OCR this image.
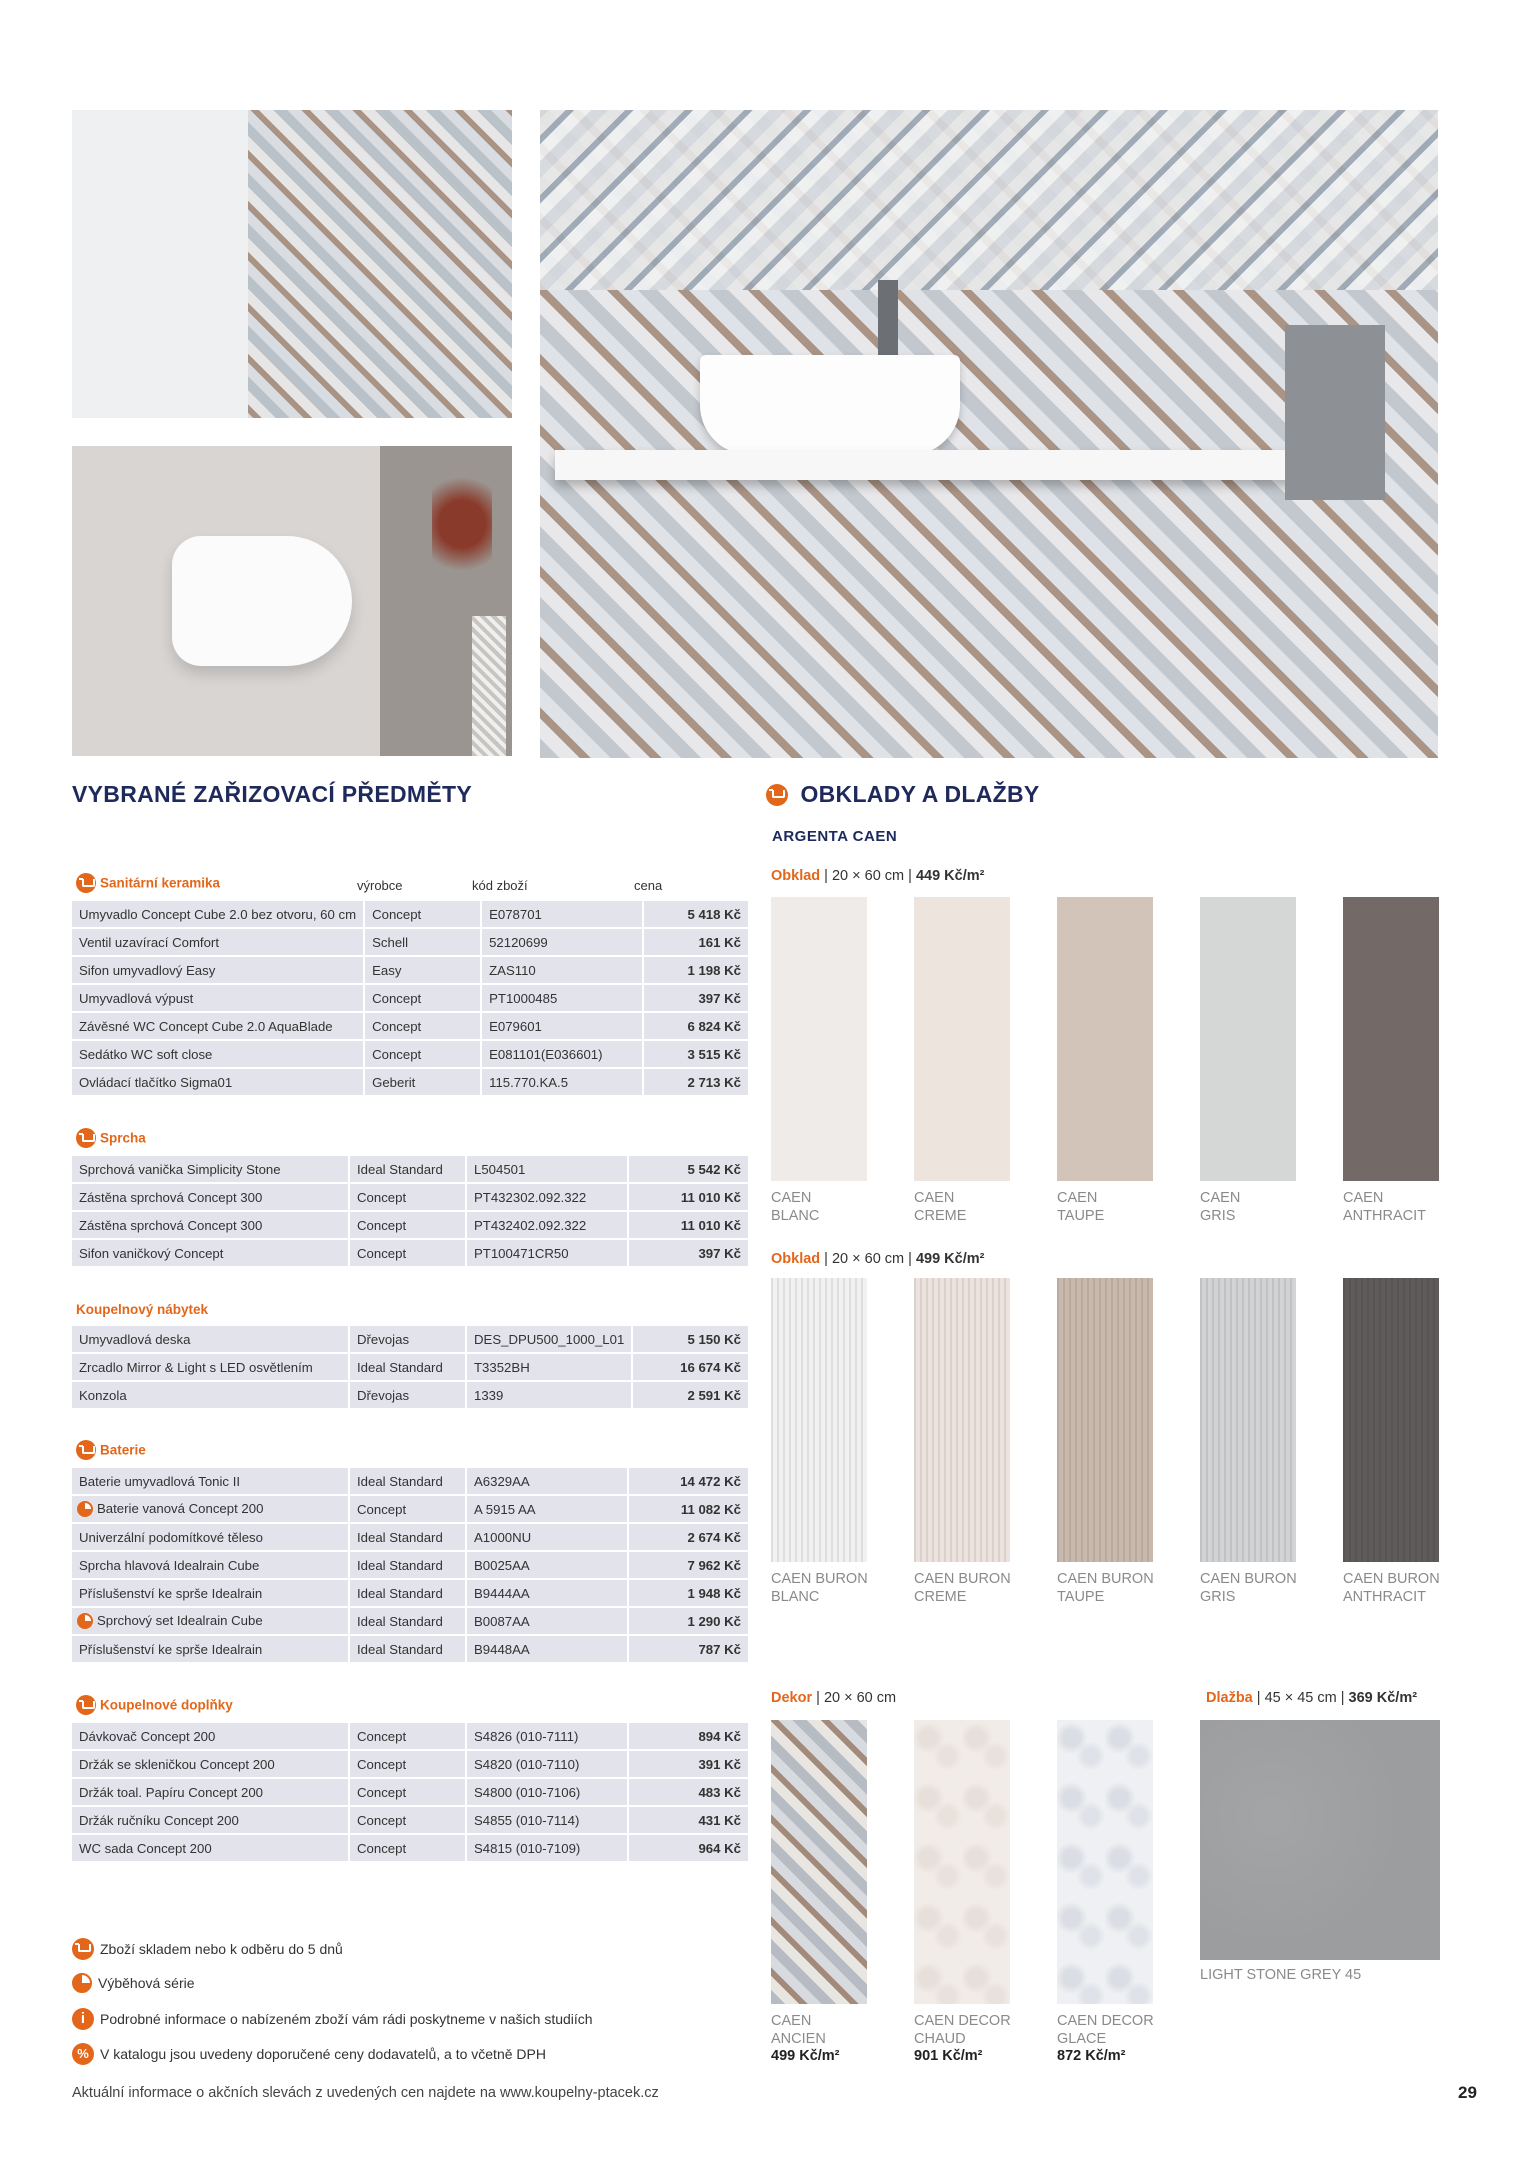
VYBRANÉ ZAŘIZOVACÍ PŘEDMĚTY	OBKLADY A DLAŽBY
ARGENTA CAEN
Sanitární keramika	výrobce	kód zboží	cena
Umyvadlo Concept Cube 2.0 bez otvoru, 60 cm	Concept	E078701	5 418 Kč
Ventil uzavírací Comfort	Schell	52120699	161 Kč
Sifon umyvadlový Easy	Easy	ZAS110	1 198 Kč
Umyvadlová výpust	Concept	PT1000485	397 Kč
Závěsné WC Concept Cube 2.0 AquaBlade	Concept	E079601	6 824 Kč
Sedátko WC soft close	Concept	E081101(E036601)	3 515 Kč
Ovládací tlačítko Sigma01	Geberit	115.770.KA.5	2 713 Kč
Sprcha
Sprchová vanička Simplicity Stone	Ideal Standard	L504501	5 542 Kč
Zástěna sprchová Concept 300	Concept	PT432302.092.322	11 010 Kč
Zástěna sprchová Concept 300	Concept	PT432402.092.322	11 010 Kč
Sifon vaničkový Concept	Concept	PT100471CR50	397 Kč
Koupelnový nábytek
Umyvadlová deska	Dřevojas	DES_DPU500_1000_L01	5 150 Kč
Zrcadlo Mirror & Light s LED osvětlením	Ideal Standard	T3352BH	16 674 Kč
Konzola	Dřevojas	1339	2 591 Kč
Baterie
Baterie umyvadlová Tonic II	Ideal Standard	A6329AA	14 472 Kč
Baterie vanová Concept 200	Concept	A 5915 AA	11 082 Kč
Univerzální podomítkové těleso	Ideal Standard	A1000NU	2 674 Kč
Sprcha hlavová Idealrain Cube	Ideal Standard	B0025AA	7 962 Kč
Příslušenství ke sprše Idealrain	Ideal Standard	B9444AA	1 948 Kč
Sprchový set Idealrain Cube	Ideal Standard	B0087AA	1 290 Kč
Příslušenství ke sprše Idealrain	Ideal Standard	B9448AA	787 Kč
Koupelnové doplňky
Dávkovač Concept 200	Concept	S4826 (010-7111)	894 Kč
Držák se skleničkou Concept 200	Concept	S4820 (010-7110)	391 Kč
Držák toal. Papíru Concept 200	Concept	S4800 (010-7106)	483 Kč
Držák ručníku Concept 200	Concept	S4855 (010-7114)	431 Kč
WC sada Concept 200	Concept	S4815 (010-7109)	964 Kč
Obklad | 20 × 60 cm | 449 Kč/m²
CAEN
BLANC
CAEN
CREME
CAEN
TAUPE
CAEN
GRIS
CAEN
ANTHRACIT
Obklad | 20 × 60 cm | 499 Kč/m²
CAEN BURON
BLANC
CAEN BURON
CREME
CAEN BURON
TAUPE
CAEN BURON
GRIS
CAEN BURON
ANTHRACIT
Dekor | 20 × 60 cm
CAEN
ANCIEN
499 Kč/m²
CAEN DECOR
CHAUD
901 Kč/m²
CAEN DECOR
GLACE
872 Kč/m²
Dlažba | 45 × 45 cm | 369 Kč/m²
LIGHT STONE GREY 45
Zboží skladem nebo k odběru do 5 dnů
Výběhová série
i Podrobné informace o nabízeném zboží vám rádi poskytneme v našich studiích
% V katalogu jsou uvedeny doporučené ceny dodavatelů, a to včetně DPH
Aktuální informace o akčních slevách z uvedených cen najdete na www.koupelny-ptacek.cz	29
